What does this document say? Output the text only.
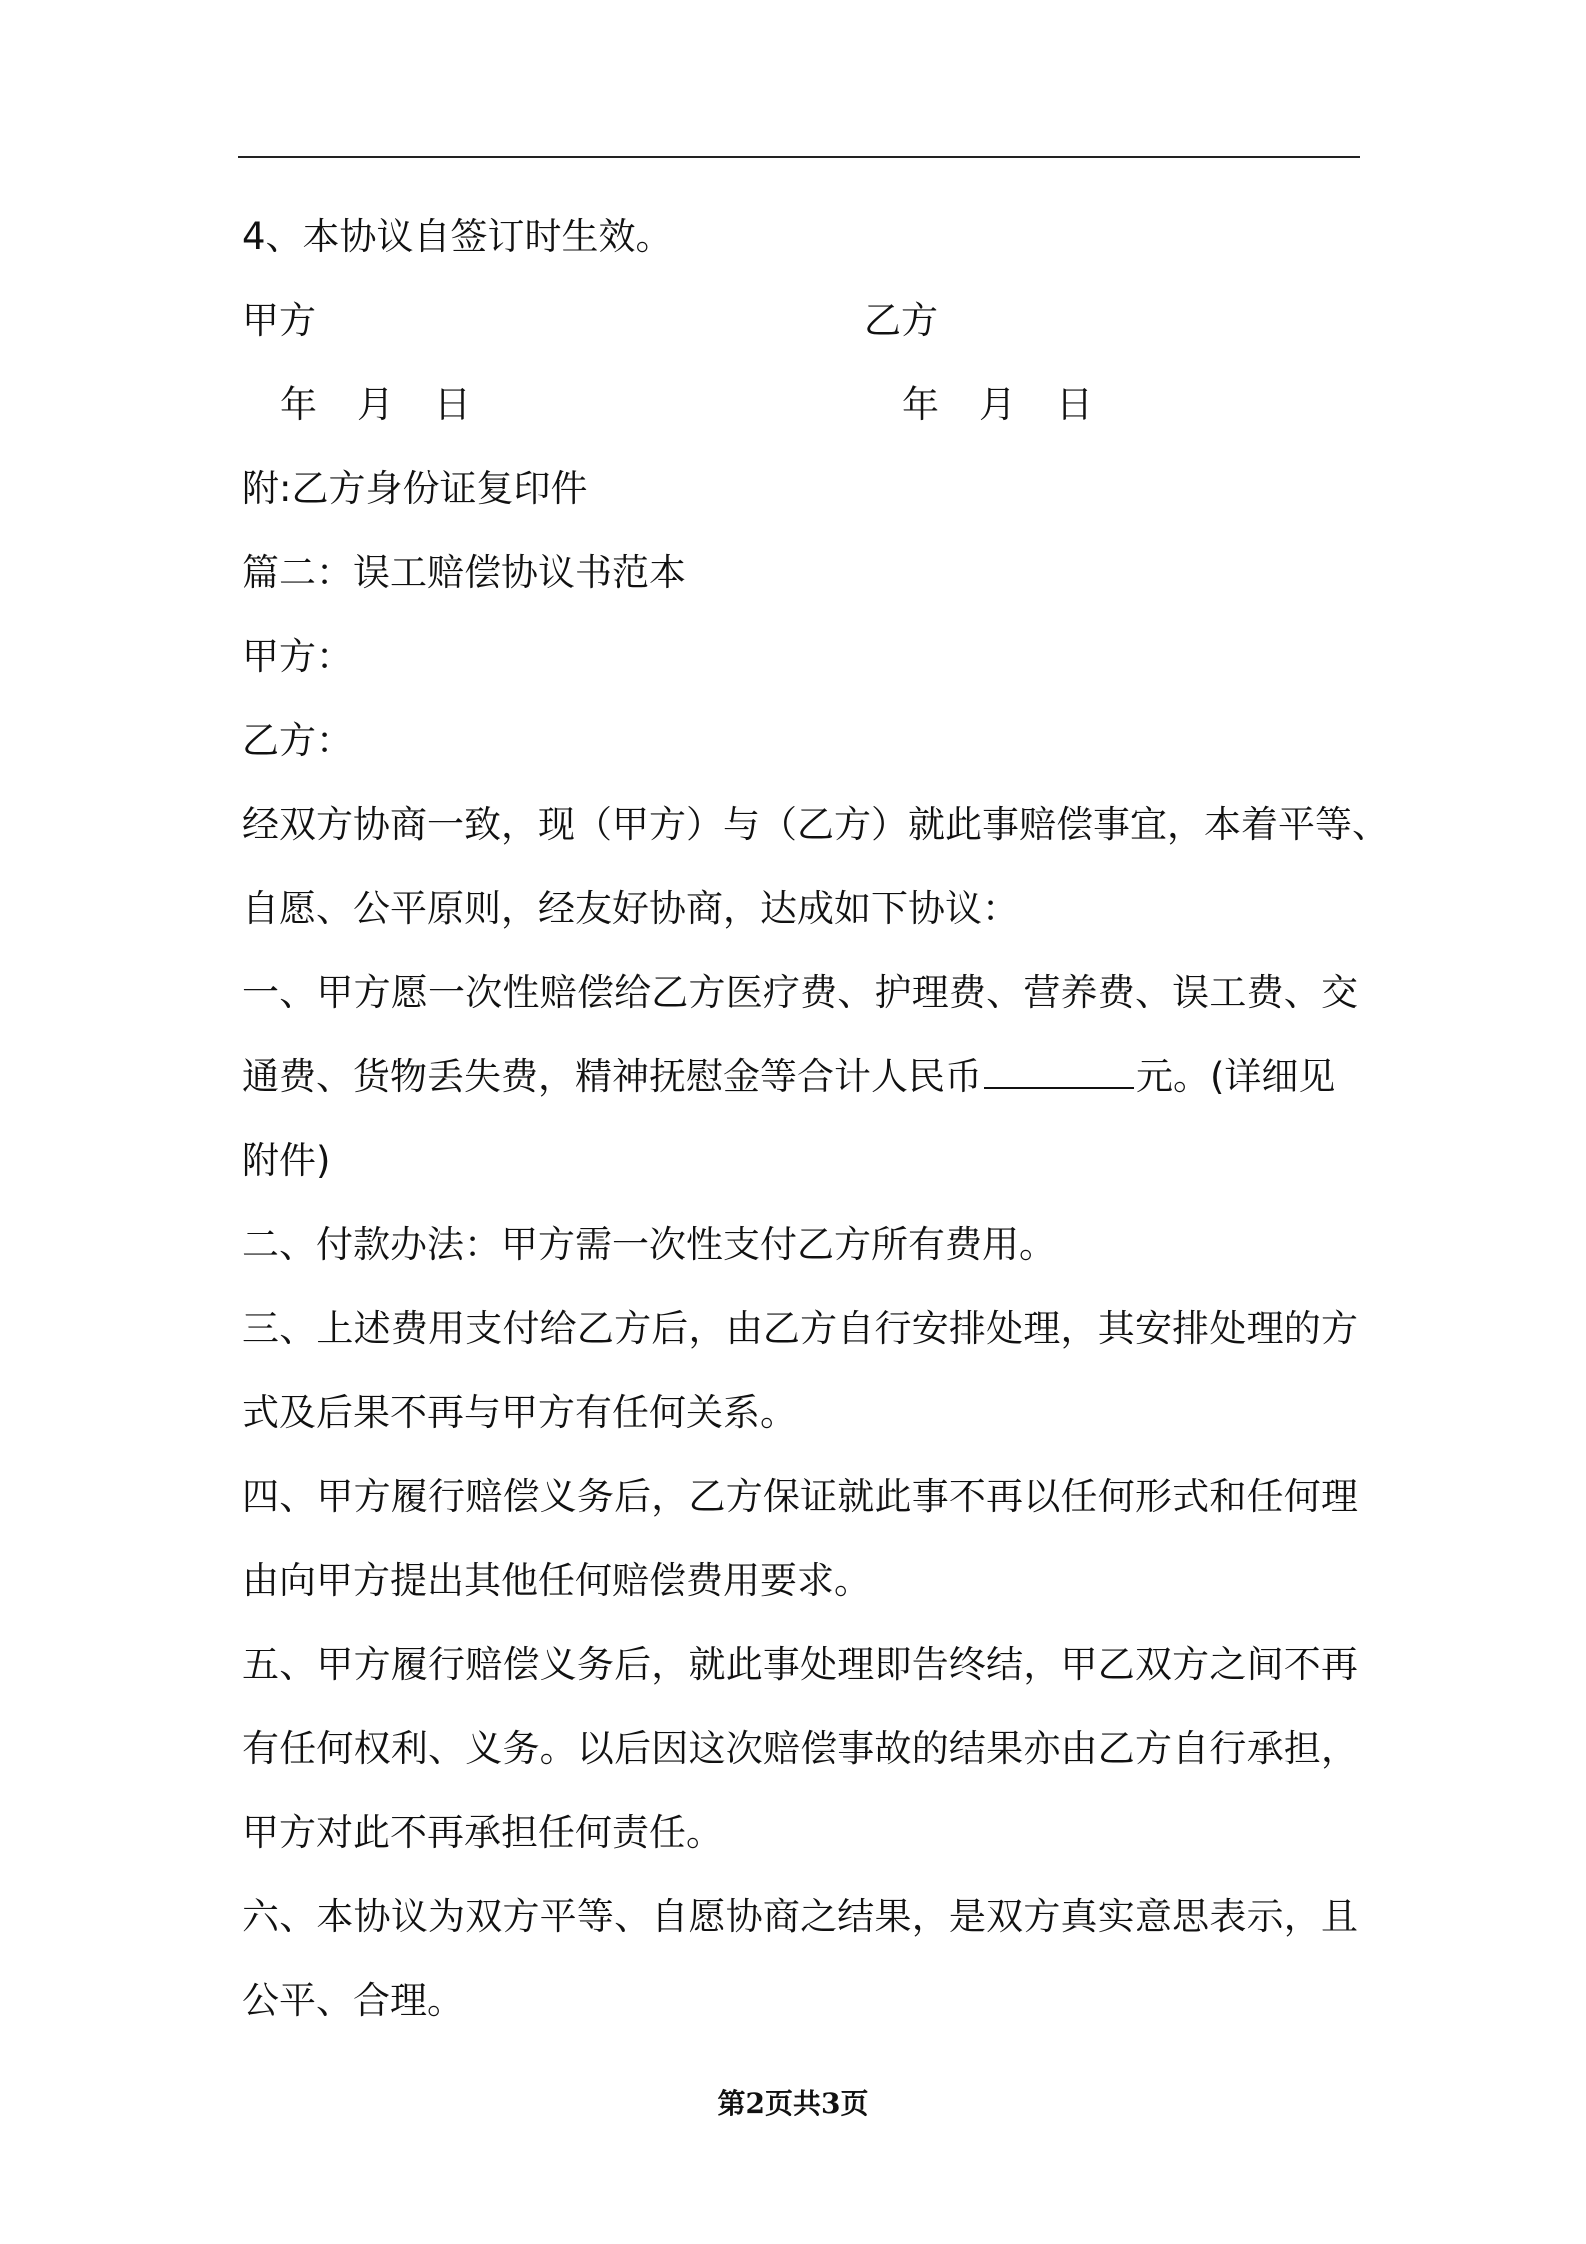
4、本协议自签订时生效。
甲方	乙方
年 月 日	年 月 日
附:乙方身份证复印件
篇二：误工赔偿协议书范本
甲方：
乙方：
经双方协商一致，现（甲方）与（乙方）就此事赔偿事宜，本着平等、
自愿、公平原则，经友好协商，达成如下协议：
一、甲方愿一次性赔偿给乙方医疗费、护理费、营养费、误工费、交
通费、货物丢失费，精神抚慰金等合计人民币	元。(详细见
附件)
二、付款办法：甲方需一次性支付乙方所有费用。
三、上述费用支付给乙方后，由乙方自行安排处理，其安排处理的方
式及后果不再与甲方有任何关系。
四、甲方履行赔偿义务后，乙方保证就此事不再以任何形式和任何理
由向甲方提出其他任何赔偿费用要求。
五、甲方履行赔偿义务后，就此事处理即告终结，甲乙双方之间不再
有任何权利、义务。以后因这次赔偿事故的结果亦由乙方自行承担，
甲方对此不再承担任何责任。
六、本协议为双方平等、自愿协商之结果，是双方真实意思表示，且
公平、合理。
第2页共3页
